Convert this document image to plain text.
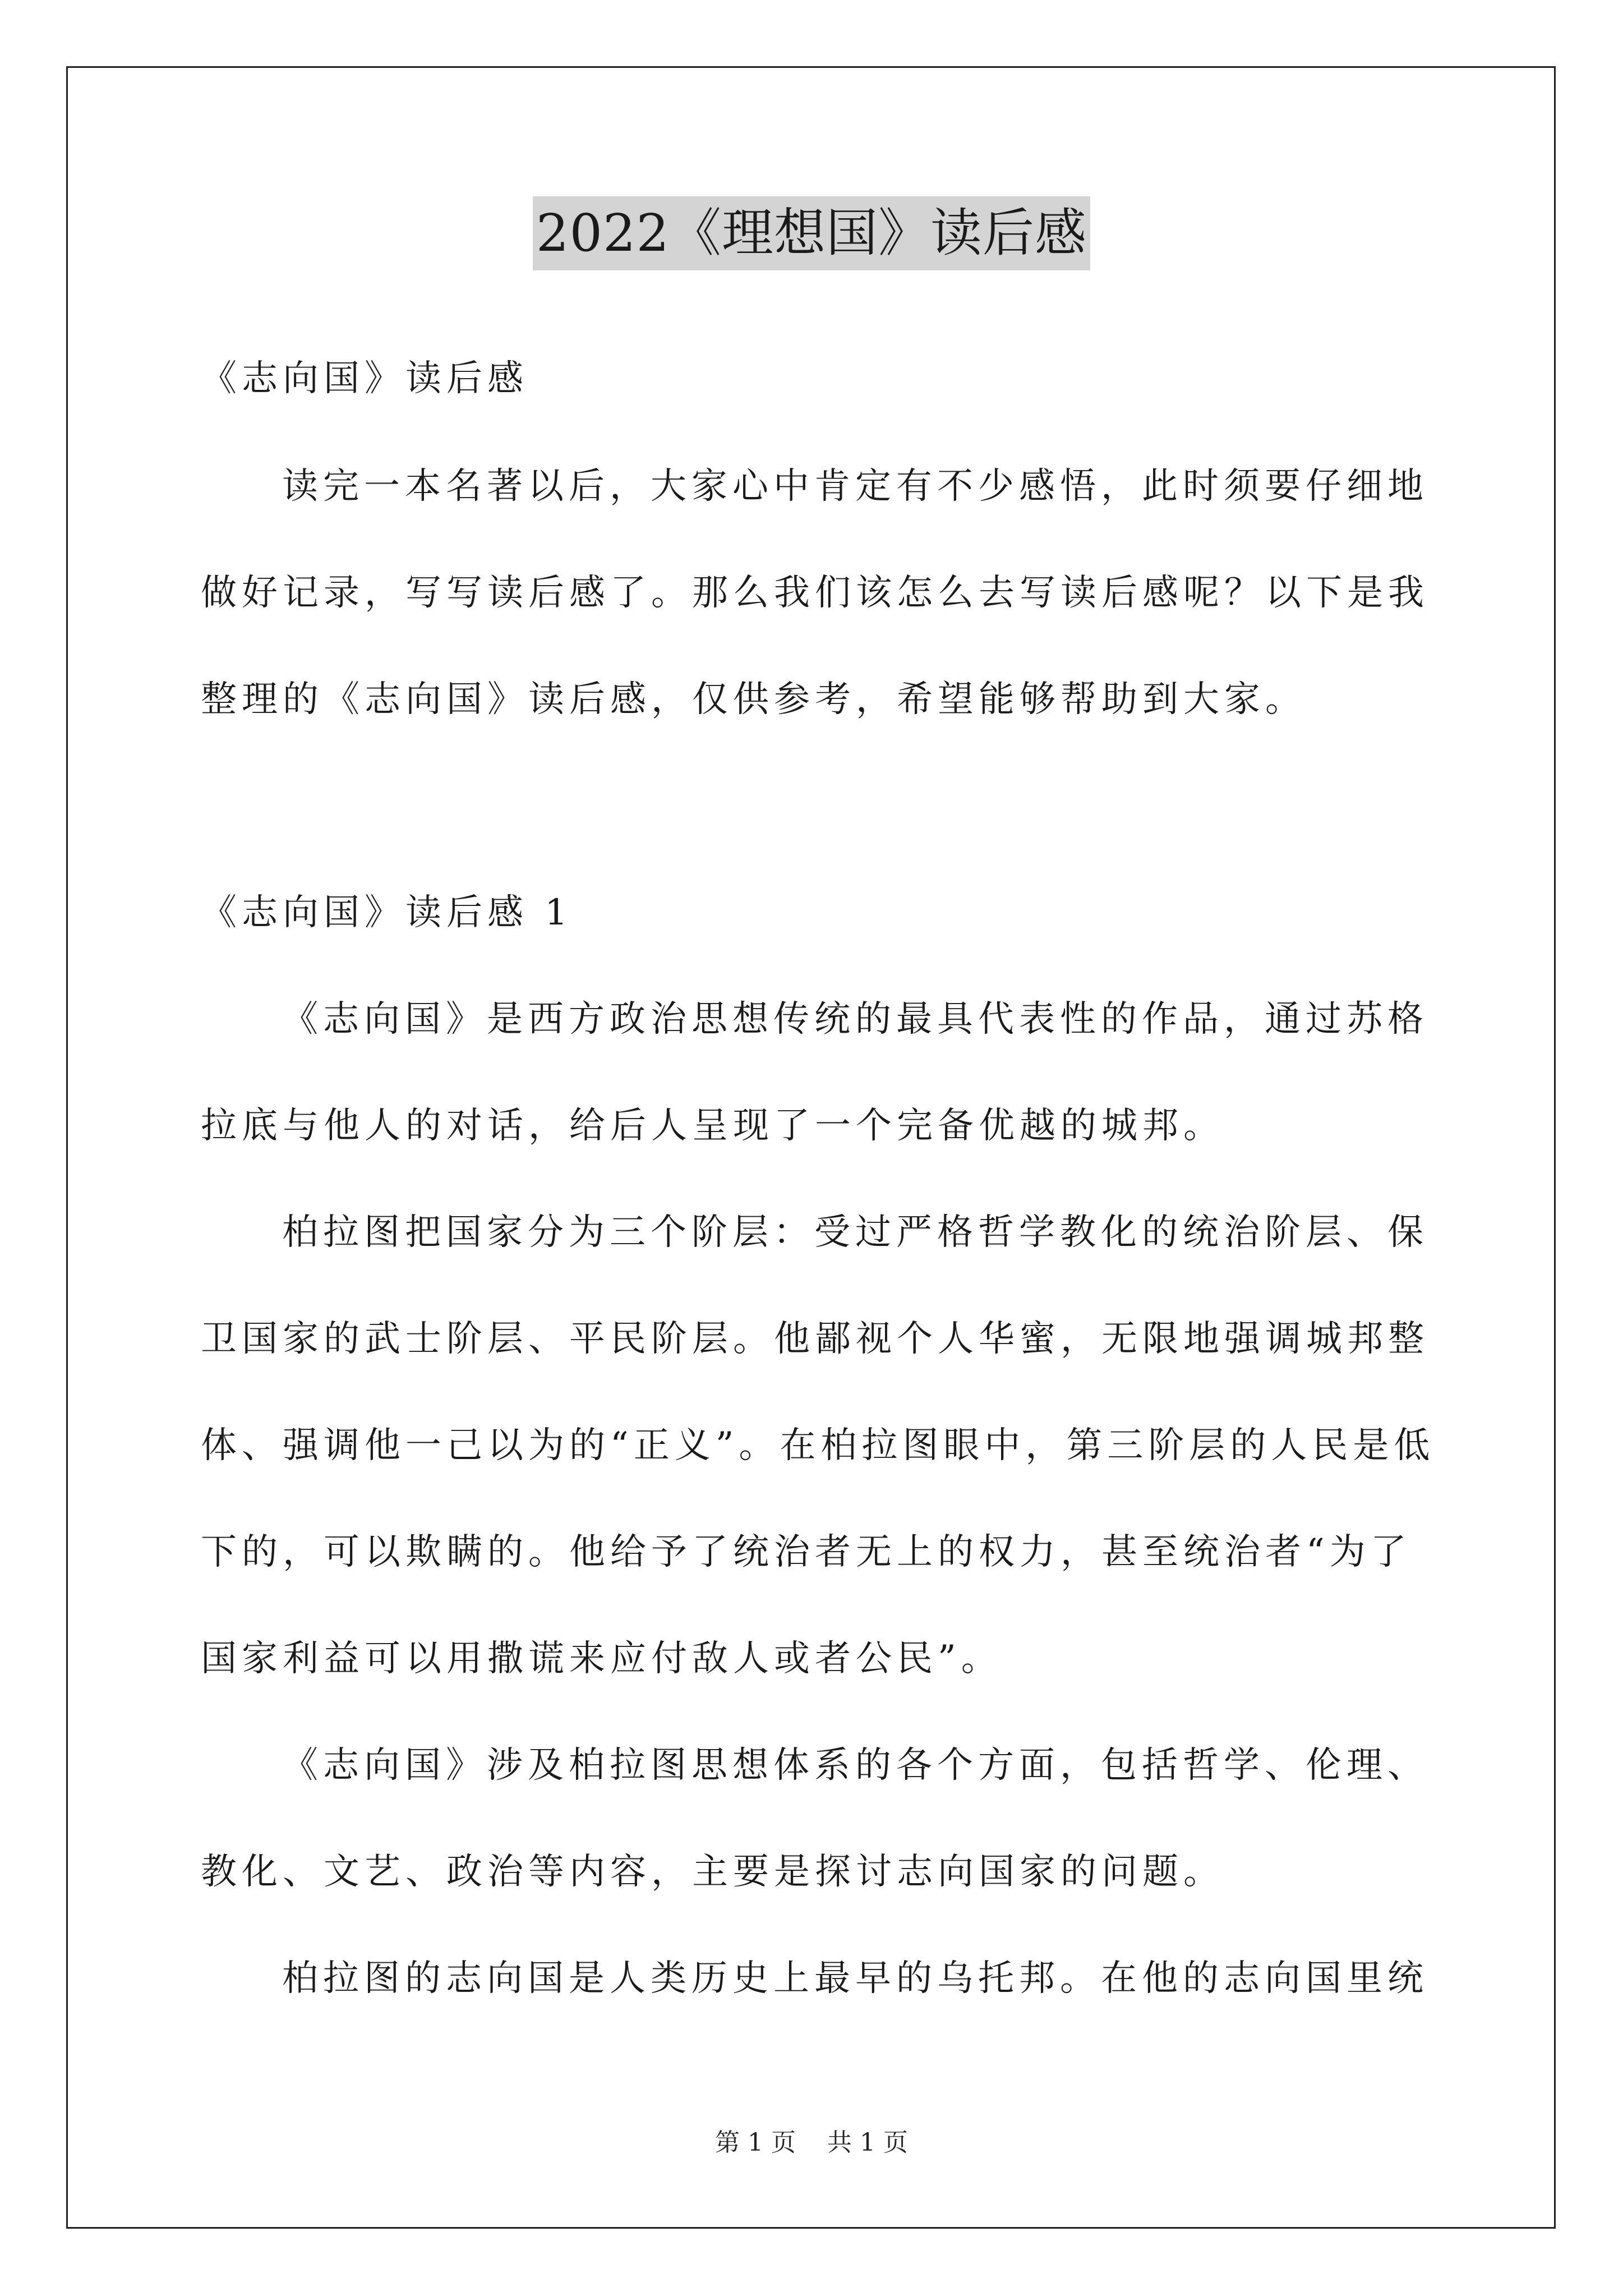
2022《理想国》读后感
《志向国》读后感
读完一本名著以后，大家心中肯定有不少感悟，此时须要仔细地
做好记录，写写读后感了。那么我们该怎么去写读后感呢？以下是我
整理的《志向国》读后感，仅供参考，希望能够帮助到大家。
《志向国》读后感 1
《志向国》是西方政治思想传统的最具代表性的作品，通过苏格
拉底与他人的对话，给后人呈现了一个完备优越的城邦。
柏拉图把国家分为三个阶层：受过严格哲学教化的统治阶层、保
卫国家的武士阶层、平民阶层。他鄙视个人华蜜，无限地强调城邦整
体、强调他一己以为的“正义”。在柏拉图眼中，第三阶层的人民是低
下的，可以欺瞒的。他给予了统治者无上的权力，甚至统治者“为了
国家利益可以用撒谎来应付敌人或者公民”。
《志向国》涉及柏拉图思想体系的各个方面，包括哲学、伦理、
教化、文艺、政治等内容，主要是探讨志向国家的问题。
柏拉图的志向国是人类历史上最早的乌托邦。在他的志向国里统
第 1 页 共 1 页
